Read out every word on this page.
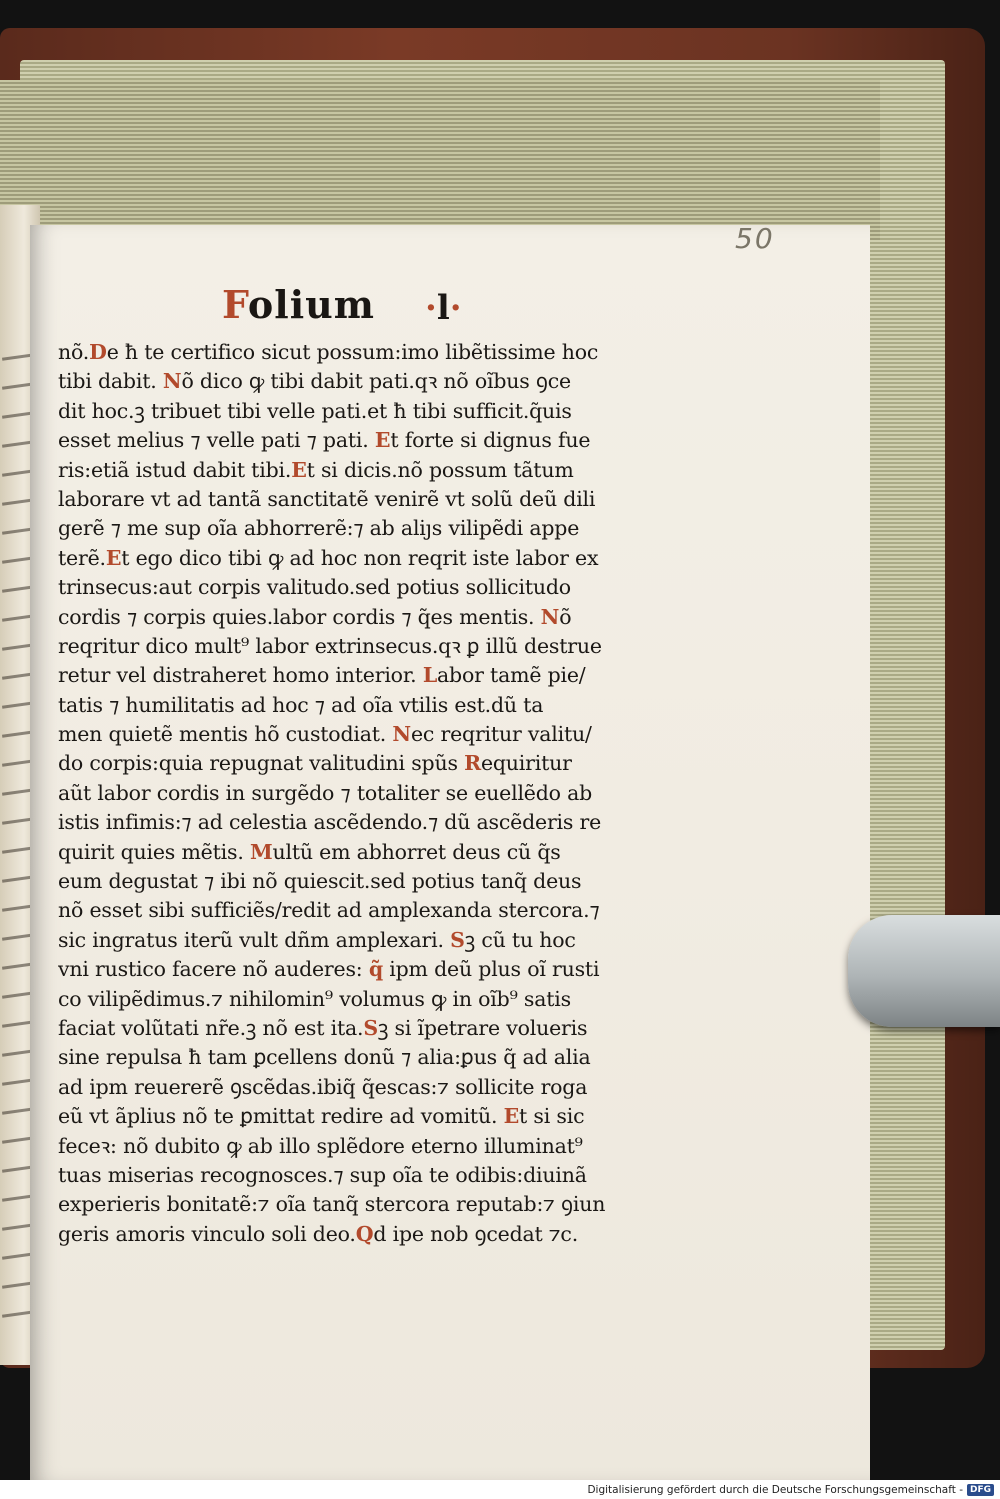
50
Folium ·l·
nõ.De ħ te certifico sicut possum:imo libẽtissime hoc
tibi dabit. Nõ dico ꝙ tibi dabit pati.qꝛ nõ oĩbus ꝯce
dit hoc.ꝫ tribuet tibi velle pati.et ħ tibi sufficit.q̃uis
esset melius ⁊ velle pati ⁊ pati. Et forte si dignus fue
ris:etiã istud dabit tibi.Et si dicis.nõ possum tãtum
laborare vt ad tantã sanctitatẽ venirẽ vt solũ deũ dili
gerẽ ⁊ me sup oĩa abhorrerẽ:⁊ ab aliȷs vilipẽdi appe
terẽ.Et ego dico tibi ꝙ ad hoc non reqrit iste labor ex
trinsecus:aut corpis valitudo.sed potius sollicitudo
cordis ⁊ corpis quies.labor cordis ⁊ q̃es mentis. Nõ
reqritur dico mult⁹ labor extrinsecus.qꝛ ꝑ illũ destrue
retur vel distraheret homo interior. Labor tamẽ pie/
tatis ⁊ humilitatis ad hoc ⁊ ad oĩa vtilis est.dũ ta
men quietẽ mentis hõ custodiat. Nec reqritur valitu/
do corpis:quia repugnat valitudini spũs Requiritur
aũt labor cordis in surgẽdo ⁊ totaliter se euellẽdo ab
istis infimis:⁊ ad celestia ascẽdendo.⁊ dũ ascẽderis re
quirit quies mẽtis. Multũ em abhorret deus cũ q̃s
eum degustat ⁊ ibi nõ quiescit.sed potius tanq̃ deus
nõ esset sibi sufficiẽs/redit ad amplexanda stercora.⁊
sic ingratus iterũ vult dñm amplexari. Sꝫ cũ tu hoc
vni rustico facere nõ auderes: q̃ ipm deũ plus oĩ rusti
co vilipẽdimus.⁊ nihilomin⁹ volumus ꝙ in oĩb⁹ satis
faciat volũtati nr̃e.ꝫ nõ est ita.Sꝫ si ĩpetrare volueris
sine repulsa ħ tam ꝑcellens donũ ⁊ alia:ꝑus q̃ ad alia
ad ipm reuererẽ ꝯscẽdas.ibiq̃ q̃escas:⁊ sollicite roga
eũ vt ãplius nõ te ꝑmittat redire ad vomitũ. Et si sic
feceꝛ: nõ dubito ꝙ ab illo splẽdore eterno illuminat⁹
tuas miserias recognosces.⁊ sup oĩa te odibis:diuinã
experieris bonitatẽ:⁊ oĩa tanq̃ stercora reputab:⁊ ꝯiun
geris amoris vinculo soli deo.Qd ipe nob ꝯcedat ⁊c.
Digitalisierung gefördert durch die Deutsche Forschungsgemeinschaft - DFG
